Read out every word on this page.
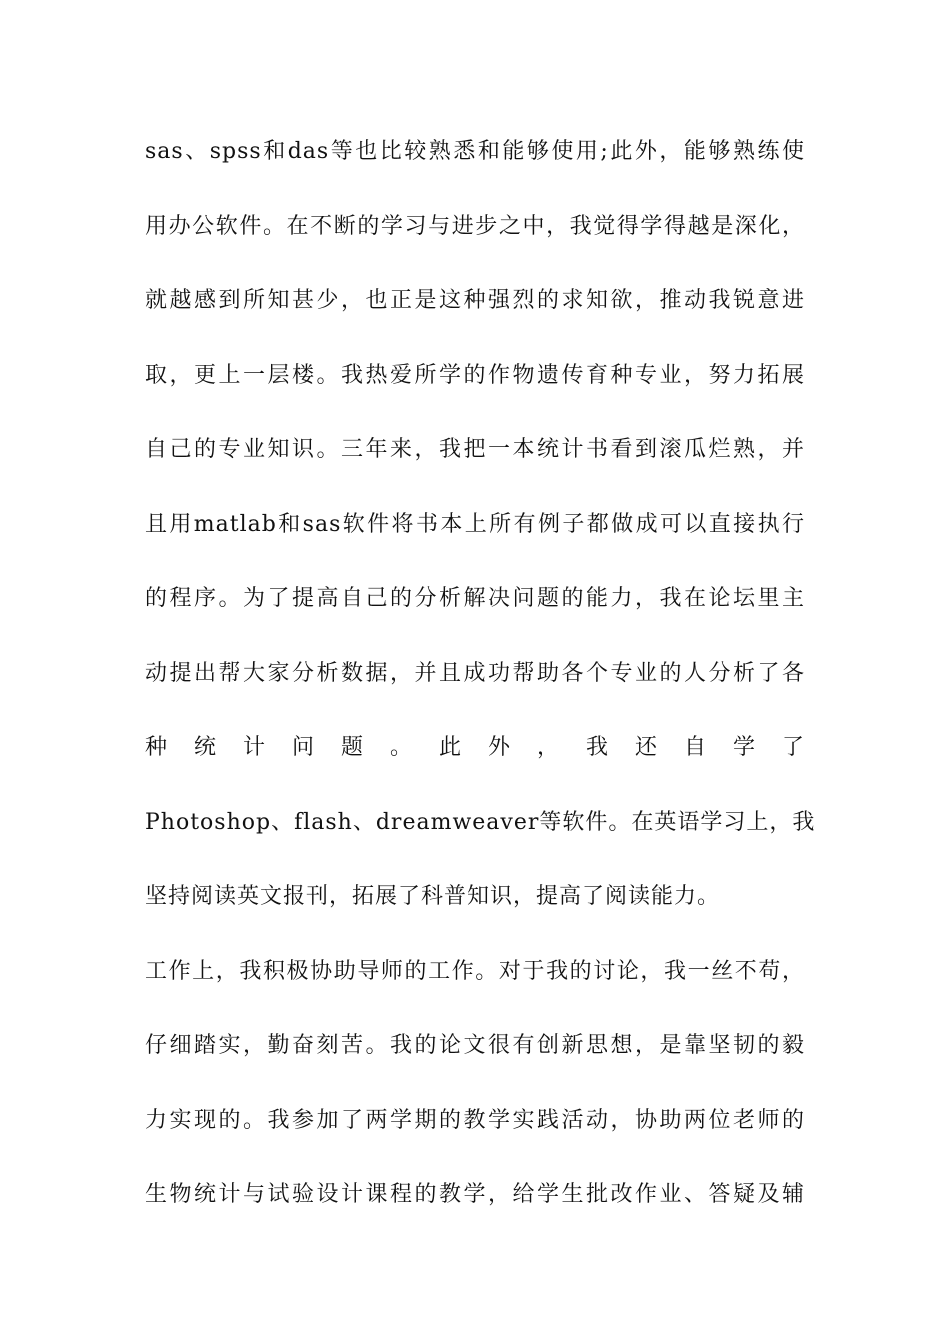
sas、spss和das等也比较熟悉和能够使用;此外，能够熟练使
用办公软件。在不断的学习与进步之中，我觉得学得越是深化，
就越感到所知甚少，也正是这种强烈的求知欲，推动我锐意进
取，更上一层楼。我热爱所学的作物遗传育种专业，努力拓展
自己的专业知识。三年来，我把一本统计书看到滚瓜烂熟，并
且用matlab和sas软件将书本上所有例子都做成可以直接执行
的程序。为了提高自己的分析解决问题的能力，我在论坛里主
动提出帮大家分析数据，并且成功帮助各个专业的人分析了各
种 统 计 问 题 。 此 外 ， 我 还 自 学 了
Photoshop、flash、dreamweaver等软件。在英语学习上，我
坚持阅读英文报刊，拓展了科普知识，提高了阅读能力。
工作上，我积极协助导师的工作。对于我的讨论，我一丝不苟，
仔细踏实，勤奋刻苦。我的论文很有创新思想，是靠坚韧的毅
力实现的。我参加了两学期的教学实践活动，协助两位老师的
生物统计与试验设计课程的教学，给学生批改作业、答疑及辅
